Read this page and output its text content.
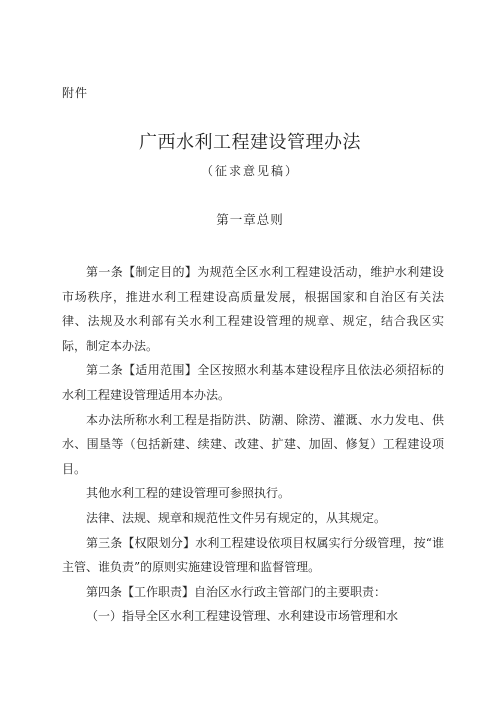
附件
广西水利工程建设管理办法
（征求意见稿）
第一章总则

第一条【制定目的】为规范全区水利工程建设活动，维护水利建设市场秩序，推进水利工程建设高质量发展，根据国家和自治区有关法律、法规及水利部有关水利工程建设管理的规章、规定，结合我区实际，制定本办法。

第二条【适用范围】全区按照水利基本建设程序且依法必须招标的水利工程建设管理适用本办法。

本办法所称水利工程是指防洪、防潮、除涝、灌溉、水力发电、供水、围垦等（包括新建、续建、改建、扩建、加固、修复）工程建设项目。

其他水利工程的建设管理可参照执行。

法律、法规、规章和规范性文件另有规定的，从其规定。

第三条【权限划分】水利工程建设依项目权属实行分级管理，按“谁主管、谁负责”的原则实施建设管理和监督管理。

第四条【工作职责】自治区水行政主管部门的主要职责：

（一）指导全区水利工程建设管理、水利建设市场管理和水
